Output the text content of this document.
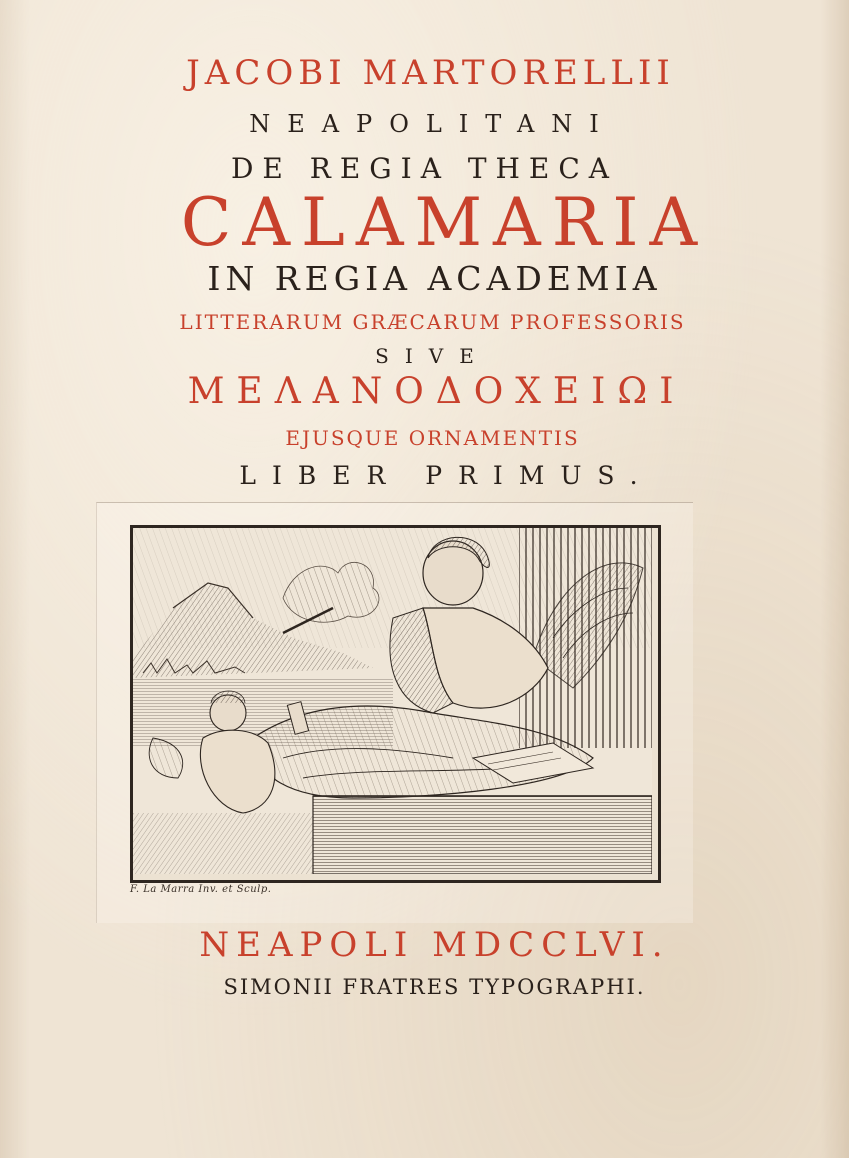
JACOBI MARTORELLII
NEAPOLITANI
DE REGIA THECA
CALAMARIA
IN REGIA ACADEMIA
LITTERARUM GRÆCARUM PROFESSORIS
SIVE
ΜΕΛΑΝΟΔΟΧΕΙΩΙ
EJUSQUE ORNAMENTIS
LIBER PRIMUS.
F. La Marra Inv. et Sculp.
NEAPOLI MDCCLVI.
SIMONII FRATRES TYPOGRAPHI.
